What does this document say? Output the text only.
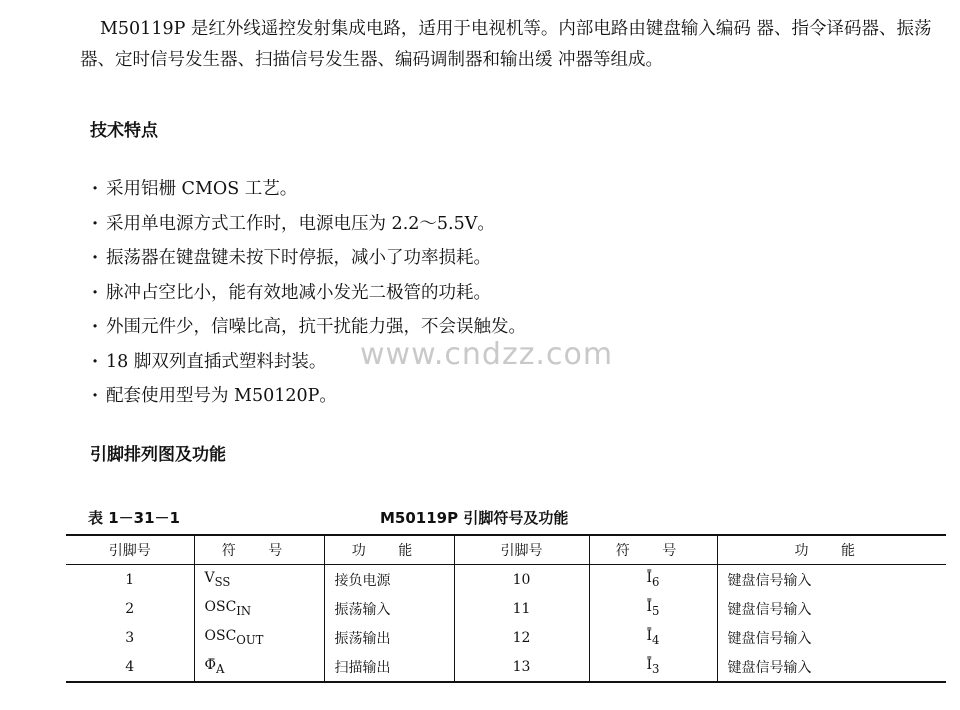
M50119P 是红外线遥控发射集成电路，适用于电视机等。内部电路由键盘输入编码 器、指令译码器、振荡器、定时信号发生器、扫描信号发生器、编码调制器和输出缓 冲器等组成。

技术特点
· 采用铝栅 CMOS 工艺。
· 采用单电源方式工作时，电源电压为 2.2～5.5V。
· 振荡器在键盘键未按下时停振，减小了功率损耗。
· 脉冲占空比小，能有效地减小发光二极管的功耗。
· 外围元件少，信噪比高，抗干扰能力强，不会误触发。
· 18 脚双列直插式塑料封装。
· 配套使用型号为 M50120P。
www.cndzz.com
引脚排列图及功能
表 1－31－1	M50119P 引脚符号及功能
引脚号	符 号	功 能	引脚号	符 号	功 能
1	$V_{SS}$	接负电源	10	$Ī_6$	键盘信号输入
2	$OSC_{IN}$	振荡输入	11	$Ī_5$	键盘信号输入
3	$OSC_{OUT}$	振荡输出	12	$Ī_4$	键盘信号输入
4	$\Phī_A$	扫描输出	13	$Ī_3$	键盘信号输入
